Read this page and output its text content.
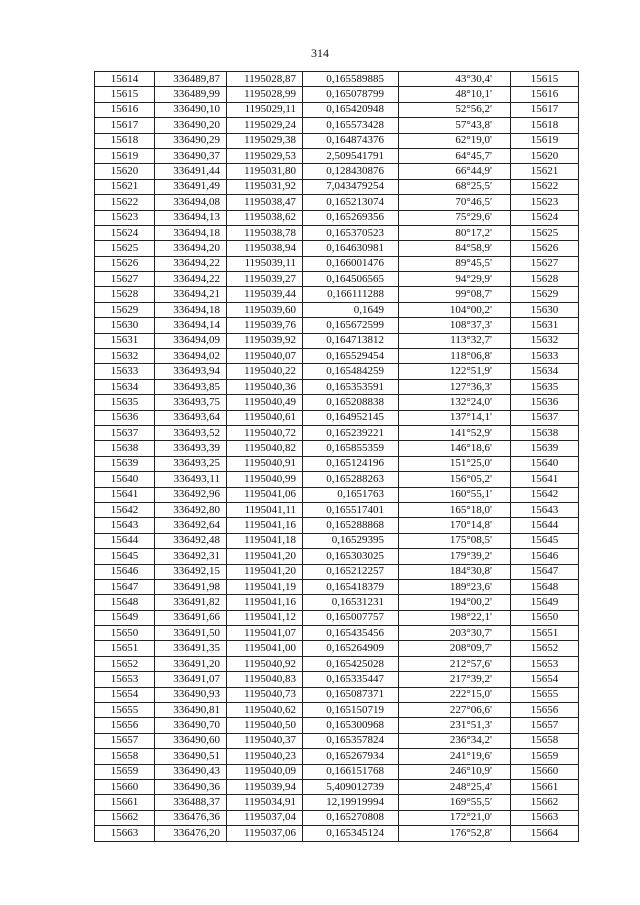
314
15614	336489,87	1195028,87	0,165589885	43°30,4'	15615
15615	336489,99	1195028,99	0,165078799	48°10,1'	15616
15616	336490,10	1195029,11	0,165420948	52°56,2'	15617
15617	336490,20	1195029,24	0,165573428	57°43,8'	15618
15618	336490,29	1195029,38	0,164874376	62°19,0'	15619
15619	336490,37	1195029,53	2,509541791	64°45,7'	15620
15620	336491,44	1195031,80	0,128430876	66°44,9'	15621
15621	336491,49	1195031,92	7,043479254	68°25,5'	15622
15622	336494,08	1195038,47	0,165213074	70°46,5'	15623
15623	336494,13	1195038,62	0,165269356	75°29,6'	15624
15624	336494,18	1195038,78	0,165370523	80°17,2'	15625
15625	336494,20	1195038,94	0,164630981	84°58,9'	15626
15626	336494,22	1195039,11	0,166001476	89°45,5'	15627
15627	336494,22	1195039,27	0,164506565	94°29,9'	15628
15628	336494,21	1195039,44	0,166111288	99°08,7'	15629
15629	336494,18	1195039,60	0,1649	104°00,2'	15630
15630	336494,14	1195039,76	0,165672599	108°37,3'	15631
15631	336494,09	1195039,92	0,164713812	113°32,7'	15632
15632	336494,02	1195040,07	0,165529454	118°06,8'	15633
15633	336493,94	1195040,22	0,165484259	122°51,9'	15634
15634	336493,85	1195040,36	0,165353591	127°36,3'	15635
15635	336493,75	1195040,49	0,165208838	132°24,0'	15636
15636	336493,64	1195040,61	0,164952145	137°14,1'	15637
15637	336493,52	1195040,72	0,165239221	141°52,9'	15638
15638	336493,39	1195040,82	0,165855359	146°18,6'	15639
15639	336493,25	1195040,91	0,165124196	151°25,0'	15640
15640	336493,11	1195040,99	0,165288263	156°05,2'	15641
15641	336492,96	1195041,06	0,1651763	160°55,1'	15642
15642	336492,80	1195041,11	0,165517401	165°18,0'	15643
15643	336492,64	1195041,16	0,165288868	170°14,8'	15644
15644	336492,48	1195041,18	0,16529395	175°08,5'	15645
15645	336492,31	1195041,20	0,165303025	179°39,2'	15646
15646	336492,15	1195041,20	0,165212257	184°30,8'	15647
15647	336491,98	1195041,19	0,165418379	189°23,6'	15648
15648	336491,82	1195041,16	0,16531231	194°00,2'	15649
15649	336491,66	1195041,12	0,165007757	198°22,1'	15650
15650	336491,50	1195041,07	0,165435456	203°30,7'	15651
15651	336491,35	1195041,00	0,165264909	208°09,7'	15652
15652	336491,20	1195040,92	0,165425028	212°57,6'	15653
15653	336491,07	1195040,83	0,165335447	217°39,2'	15654
15654	336490,93	1195040,73	0,165087371	222°15,0'	15655
15655	336490,81	1195040,62	0,165150719	227°06,6'	15656
15656	336490,70	1195040,50	0,165300968	231°51,3'	15657
15657	336490,60	1195040,37	0,165357824	236°34,2'	15658
15658	336490,51	1195040,23	0,165267934	241°19,6'	15659
15659	336490,43	1195040,09	0,166151768	246°10,9'	15660
15660	336490,36	1195039,94	5,409012739	248°25,4'	15661
15661	336488,37	1195034,91	12,19919994	169°55,5'	15662
15662	336476,36	1195037,04	0,165270808	172°21,0'	15663
15663	336476,20	1195037,06	0,165345124	176°52,8'	15664
